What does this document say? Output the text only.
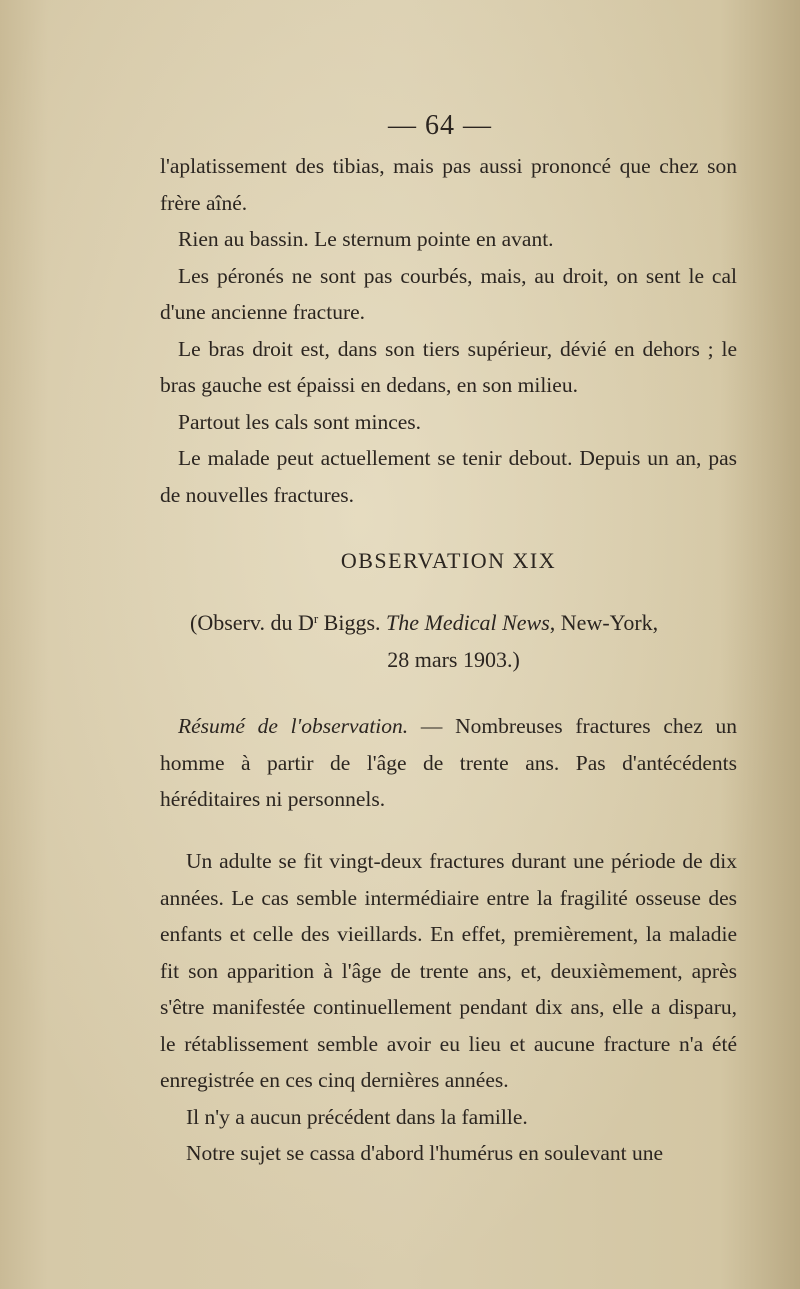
— 64 —

l'aplatissement des tibias, mais pas aussi prononcé que chez son frère aîné.

Rien au bassin. Le sternum pointe en avant.

Les péronés ne sont pas courbés, mais, au droit, on sent le cal d'une ancienne fracture.

Le bras droit est, dans son tiers supérieur, dévié en dehors ; le bras gauche est épaissi en dedans, en son milieu.

Partout les cals sont minces.

Le malade peut actuellement se tenir debout. Depuis un an, pas de nouvelles fractures.

OBSERVATION XIX
(Observ. du $D^r$ Biggs. The Medical News, New-York,
28 mars 1903.)

Résumé de l'observation. — Nombreuses fractures chez un homme à partir de l'âge de trente ans. Pas d'antécédents héréditaires ni personnels.

Un adulte se fit vingt-deux fractures durant une période de dix années. Le cas semble intermédiaire entre la fragilité osseuse des enfants et celle des vieillards. En effet, premièrement, la maladie fit son apparition à l'âge de trente ans, et, deuxièmement, après s'être manifestée continuellement pendant dix ans, elle a disparu, le rétablissement semble avoir eu lieu et aucune fracture n'a été enregistrée en ces cinq dernières années.

Il n'y a aucun précédent dans la famille.

Notre sujet se cassa d'abord l'humérus en soulevant une
